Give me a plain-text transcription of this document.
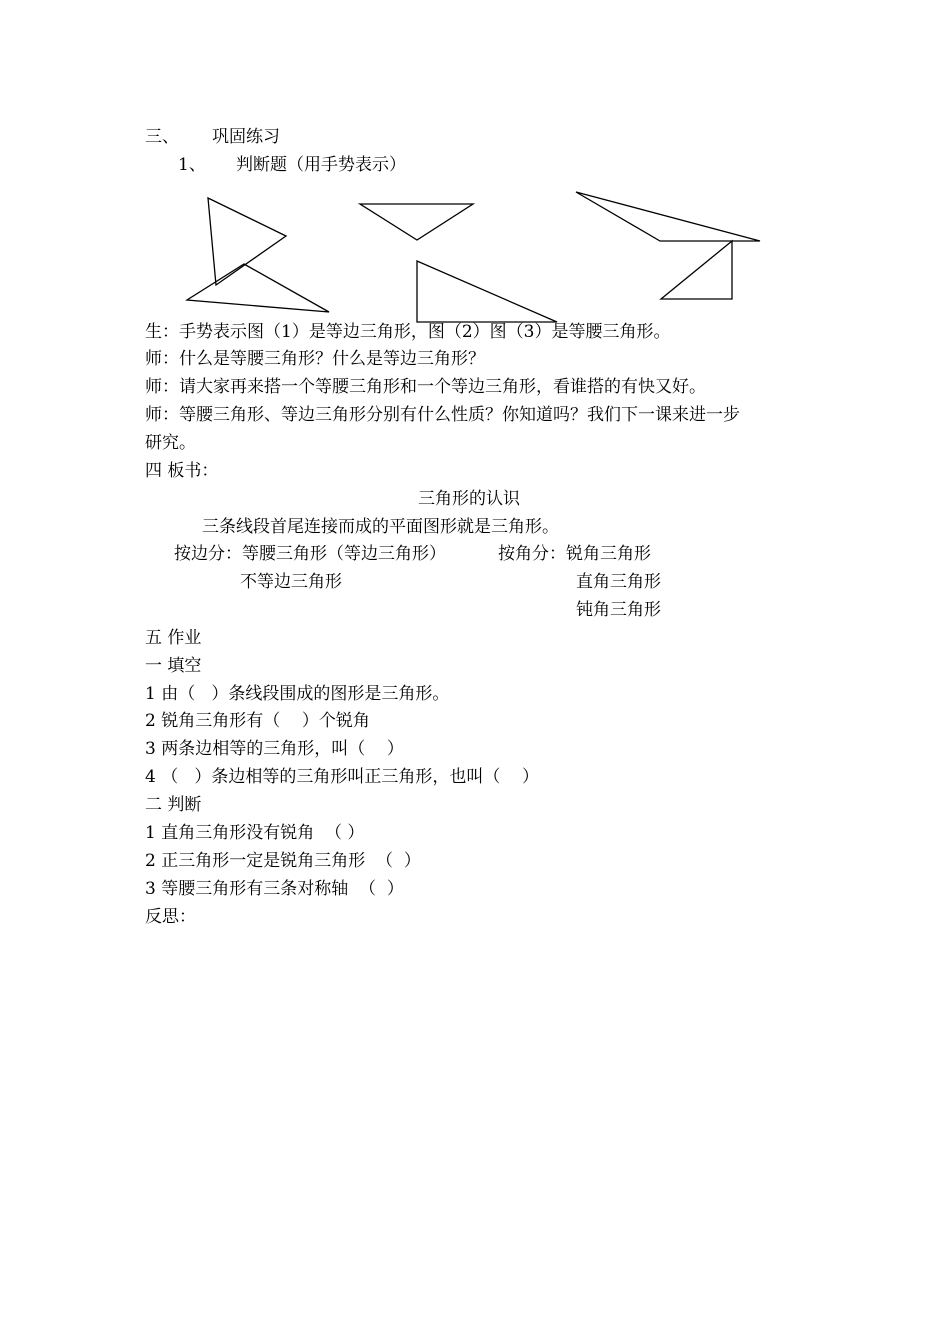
三、 巩固练习
1、 判断题（用手势表示）
生：手势表示图（1）是等边三角形，图（2）图（3）是等腰三角形。
师：什么是等腰三角形？什么是等边三角形？
师：请大家再来搭一个等腰三角形和一个等边三角形，看谁搭的有快又好。
师：等腰三角形、等边三角形分别有什么性质？你知道吗？我们下一课来进一步
研究。
四 板书：
三角形的认识
三条线段首尾连接而成的平面图形就是三角形。
按边分：等腰三角形（等边三角形）	按角分：锐角三角形
不等边三角形	直角三角形
钝角三角形
五 作业
一 填空
1 由（   ）条线段围成的图形是三角形。
2 锐角三角形有（    ）个锐角
3 两条边相等的三角形，叫（    ）
4 （   ）条边相等的三角形叫正三角形，也叫（    ）
二 判断
1 直角三角形没有锐角  （ ）
2 正三角形一定是锐角三角形  （  ）
3 等腰三角形有三条对称轴  （  ）
反思：
